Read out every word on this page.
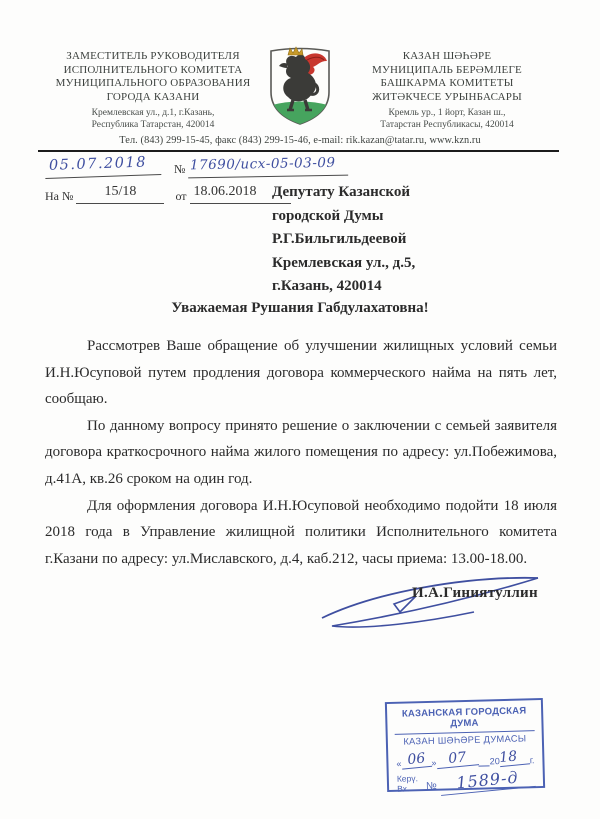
ЗАМЕСТИТЕЛЬ РУКОВОДИТЕЛЯ
ИСПОЛНИТЕЛЬНОГО КОМИТЕТА
МУНИЦИПАЛЬНОГО ОБРАЗОВАНИЯ
ГОРОДА КАЗАНИ
Кремлевская ул., д.1, г.Казань,
Республика Татарстан, 420014
КАЗАН ШӘҺӘРЕ
МУНИЦИПАЛЬ БЕРӘМЛЕГЕ
БАШКАРМА КОМИТЕТЫ
ЖИТӘКЧЕСЕ УРЫНБАСАРЫ
Кремль ур., 1 йорт, Казан ш.,
Татарстан Республикасы, 420014
Тел. (843) 299-15-45, факс (843) 299-15-46, e-mail: rik.kazan@tatar.ru, www.kzn.ru
05.07.2018 № 17690/исх-05-03-09
На № 15/18	от 18.06.2018	Депутату Казанской
городской Думы
Р.Г.Бильгильдеевой
Кремлевская ул., д.5,
г.Казань, 420014
Уважаемая Рушания Габдулахатовна!

Рассмотрев Ваше обращение об улучшении жилищных условий семьи И.Н.Юсуповой путем продления договора коммерческого найма на пять лет, сообщаю.

По данному вопросу принято решение о заключении с семьей заявителя договора краткосрочного найма жилого помещения по адресу: ул.Побежимова, д.41А, кв.26 сроком на один год.

Для оформления договора И.Н.Юсуповой необходимо подойти 18 июля 2018 года в Управление жилищной политики Исполнительного комитета г.Казани по адресу: ул.Миславского, д.4, каб.212, часы приема: 13.00-18.00.

И.А.Гиниятуллин
КАЗАНСКАЯ ГОРОДСКАЯ ДУМА
КАЗАН ШӘҺӘРЕ ДУМАСЫ
« 06 » 07	20 18	г.
Керү.
Вх.	№	1589-д
